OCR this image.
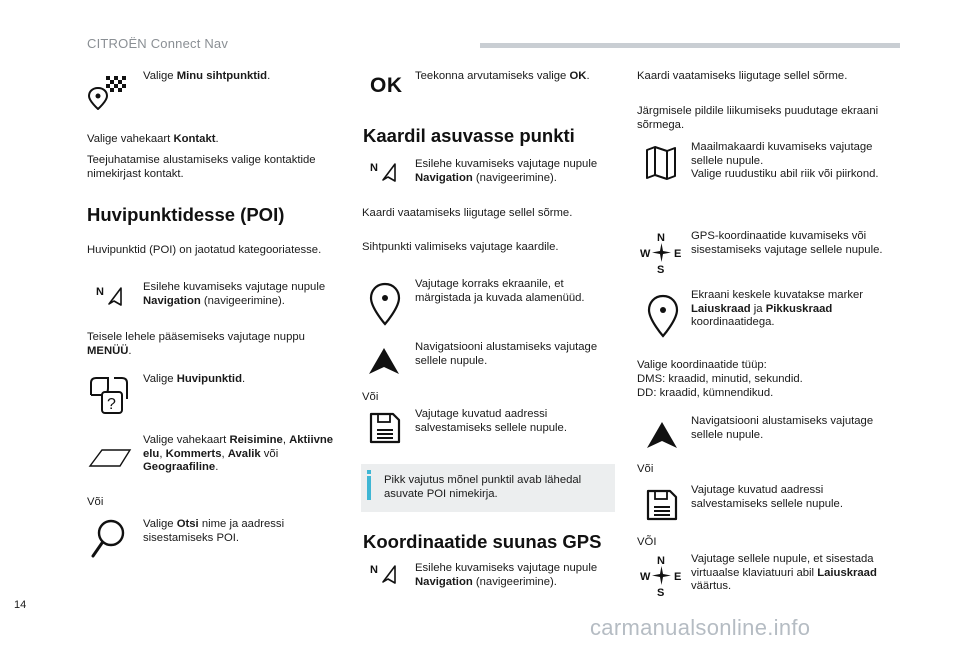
CITROËN Connect Nav
14
carmanualsonline.info
Valige Minu sihtpunktid.
Valige vahekaart Kontakt.
Teejuhatamise alustamiseks valige kontaktide nimekirjast kontakt.
Huvipunktidesse (POI)
Huvipunktid (POI) on jaotatud kategooriatesse.
N	Esilehe kuvamiseks vajutage nupule Navigation (navigeerimine).
Teisele lehele pääsemiseks vajutage nuppu MENÜÜ.
?
Valige Huvipunktid.
Valige vahekaart Reisimine, Aktiivne elu, Kommerts, Avalik või Geograafiline.
Või
Valige Otsi nime ja aadressi sisestamiseks POI.
OK Teekonna arvutamiseks valige OK.
Kaardil asuvasse punkti
N	Esilehe kuvamiseks vajutage nupule Navigation (navigeerimine).
Kaardi vaatamiseks liigutage sellel sõrme.
Sihtpunkti valimiseks vajutage kaardile.
Vajutage korraks ekraanile, et märgistada ja kuvada alamenüüd.
Navigatsiooni alustamiseks vajutage sellele nupule.
Või
Vajutage kuvatud aadressi salvestamiseks sellele nupule.
Pikk vajutus mõnel punktil avab lähedal asuvate POI nimekirja.
Koordinaatide suunas GPS
N	Esilehe kuvamiseks vajutage nupule Navigation (navigeerimine).
Kaardi vaatamiseks liigutage sellel sõrme.
Järgmisele pildile liikumiseks puudutage ekraani sõrmega.
Maailmakaardi kuvamiseks vajutage sellele nupule.
Valige ruudustiku abil riik või piirkond.
N
W E
S
GPS-koordinaatide kuvamiseks või sisestamiseks vajutage sellele nupule.
Ekraani keskele kuvatakse marker Laiuskraad ja Pikkuskraad koordinaatidega.
Valige koordinaatide tüüp:
DMS: kraadid, minutid, sekundid.
DD: kraadid, kümnendikud.
Navigatsiooni alustamiseks vajutage sellele nupule.
Või
Vajutage kuvatud aadressi salvestamiseks sellele nupule.
VÕI
N
W E
S
Vajutage sellele nupule, et sisestada virtuaalse klaviatuuri abil Laiuskraad väärtus.
